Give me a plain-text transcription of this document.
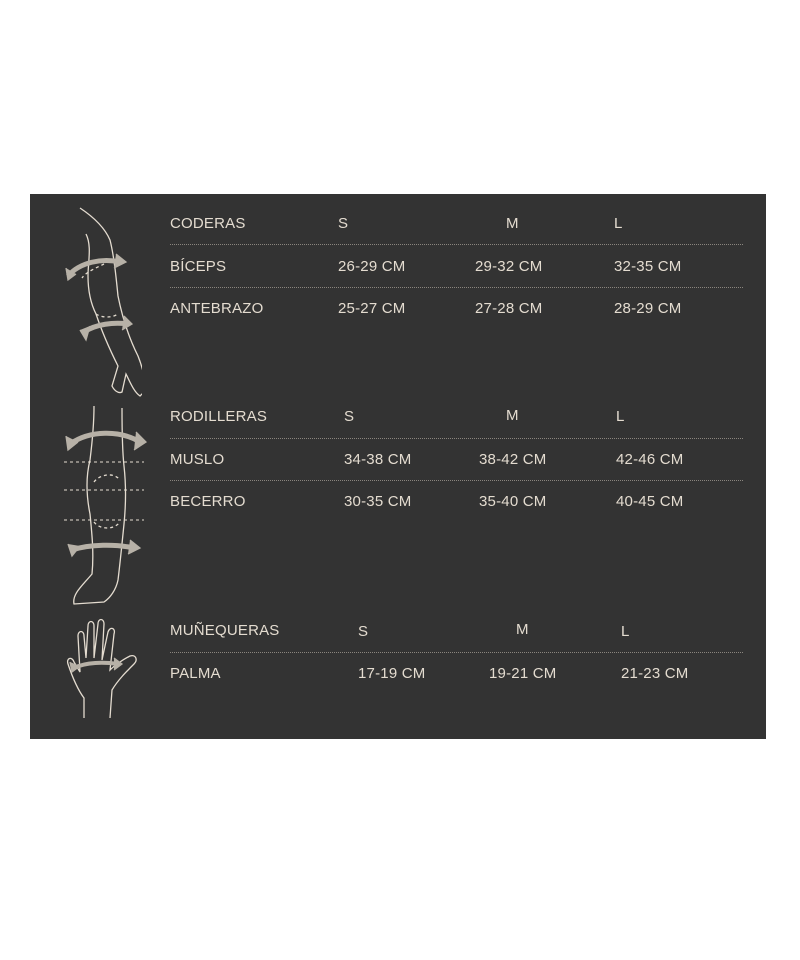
CODERAS	S	M	L
BÍCEPS	26-29 CM	29-32 CM	32-35 CM
ANTEBRAZO	25-27 CM	27-28 CM	28-29 CM
RODILLERAS	S	M	L
MUSLO	34-38 CM	38-42 CM	42-46 CM
BECERRO	30-35 CM	35-40 CM	40-45 CM
MUÑEQUERAS	S	M	L
PALMA	17-19 CM	19-21 CM	21-23 CM
